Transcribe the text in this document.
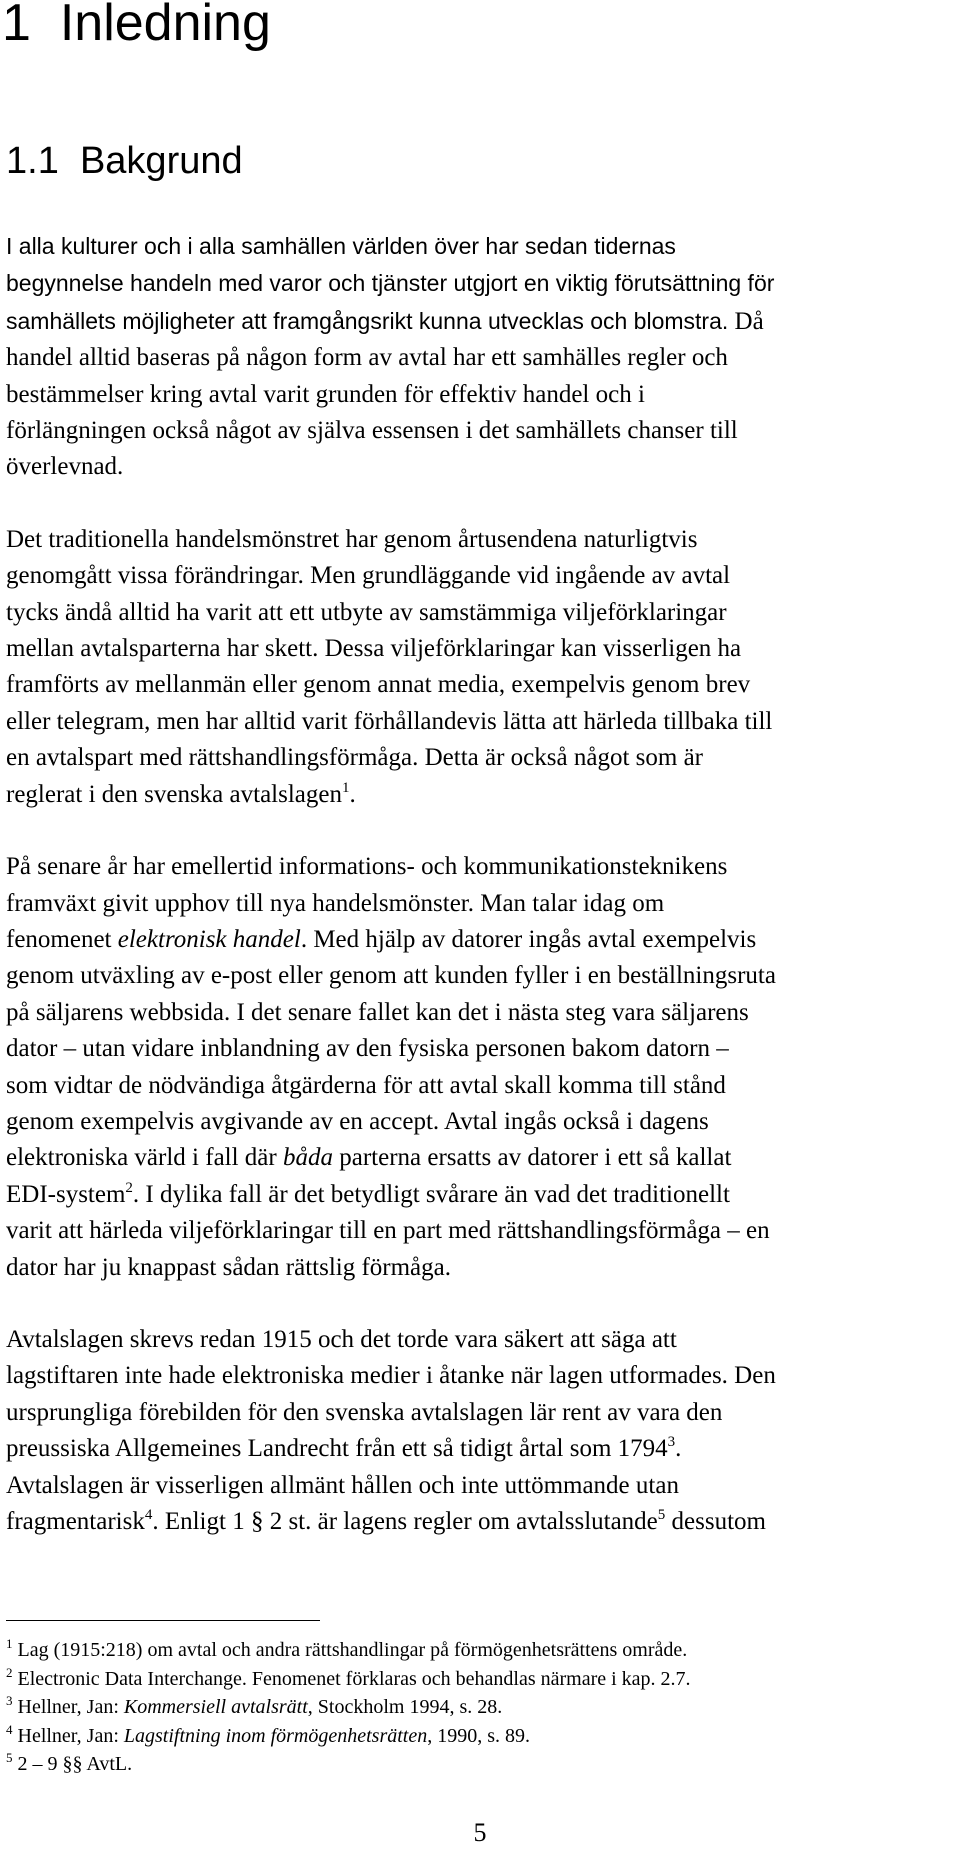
1 Inledning
1.1 Bakgrund

I alla kulturer och i alla samhällen världen över har sedan tidernas
begynnelse handeln med varor och tjänster utgjort en viktig förutsättning för
samhällets möjligheter att framgångsrikt kunna utvecklas och blomstra. Då
handel alltid baseras på någon form av avtal har ett samhälles regler och
bestämmelser kring avtal varit grunden för effektiv handel och i
förlängningen också något av själva essensen i det samhällets chanser till
överlevnad.

Det traditionella handelsmönstret har genom årtusendena naturligtvis
genomgått vissa förändringar. Men grundläggande vid ingående av avtal
tycks ändå alltid ha varit att ett utbyte av samstämmiga viljeförklaringar
mellan avtalsparterna har skett. Dessa viljeförklaringar kan visserligen ha
framförts av mellanmän eller genom annat media, exempelvis genom brev
eller telegram, men har alltid varit förhållandevis lätta att härleda tillbaka till
en avtalspart med rättshandlingsförmåga. Detta är också något som är
reglerat i den svenska avtalslagen$^1$.

På senare år har emellertid informations- och kommunikationsteknikens
framväxt givit upphov till nya handelsmönster. Man talar idag om
fenomenet elektronisk handel. Med hjälp av datorer ingås avtal exempelvis
genom utväxling av e-post eller genom att kunden fyller i en beställningsruta
på säljarens webbsida. I det senare fallet kan det i nästa steg vara säljarens
dator – utan vidare inblandning av den fysiska personen bakom datorn –
som vidtar de nödvändiga åtgärderna för att avtal skall komma till stånd
genom exempelvis avgivande av en accept. Avtal ingås också i dagens
elektroniska värld i fall där båda parterna ersatts av datorer i ett så kallat
EDI-system$^2$. I dylika fall är det betydligt svårare än vad det traditionellt
varit att härleda viljeförklaringar till en part med rättshandlingsförmåga – en
dator har ju knappast sådan rättslig förmåga.

Avtalslagen skrevs redan 1915 och det torde vara säkert att säga att
lagstiftaren inte hade elektroniska medier i åtanke när lagen utformades. Den
ursprungliga förebilden för den svenska avtalslagen lär rent av vara den
preussiska Allgemeines Landrecht från ett så tidigt årtal som 1794$^3$.
Avtalslagen är visserligen allmänt hållen och inte uttömmande utan
fragmentarisk$^4$. Enligt 1 § 2 st. är lagens regler om avtalsslutande$^5$ dessutom

$^1$ Lag (1915:218) om avtal och andra rättshandlingar på förmögenhetsrättens område.
$^2$ Electronic Data Interchange. Fenomenet förklaras och behandlas närmare i kap. 2.7.
$^3$ Hellner, Jan: Kommersiell avtalsrätt, Stockholm 1994, s. 28.
$^4$ Hellner, Jan: Lagstiftning inom förmögenhetsrätten, 1990, s. 89.
$^5$ 2 – 9 §§ AvtL.
5
